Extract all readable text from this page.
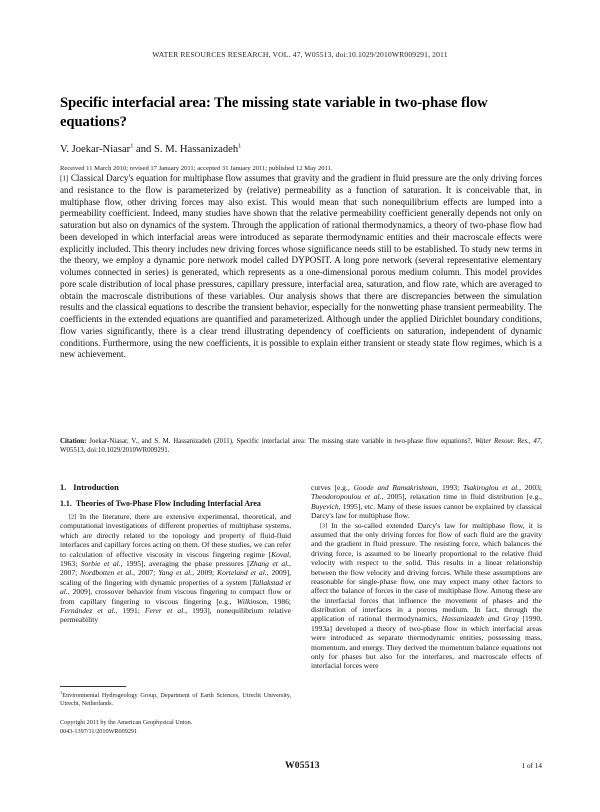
WATER RESOURCES RESEARCH, VOL. 47, W05513, doi:10.1029/2010WR009291, 2011
Specific interfacial area: The missing state variable in two-phase flow equations?
V. Joekar-Niasar$^1$ and S. M. Hassanizadeh$^1$
Received 11 March 2010; revised 17 January 2011; accepted 31 January 2011; published 12 May 2011.
[1] Classical Darcy's equation for multiphase flow assumes that gravity and the gradient in fluid pressure are the only driving forces and resistance to the flow is parameterized by (relative) permeability as a function of saturation. It is conceivable that, in multiphase flow, other driving forces may also exist. This would mean that such nonequilibrium effects are lumped into a permeability coefficient. Indeed, many studies have shown that the relative permeability coefficient generally depends not only on saturation but also on dynamics of the system. Through the application of rational thermodynamics, a theory of two-phase flow had been developed in which interfacial areas were introduced as separate thermodynamic entities and their macroscale effects were explicitly included. This theory includes new driving forces whose significance needs still to be established. To study new terms in the theory, we employ a dynamic pore network model called DYPOSIT. A long pore network (several representative elementary volumes connected in series) is generated, which represents as a one-dimensional porous medium column. This model provides pore scale distribution of local phase pressures, capillary pressure, interfacial area, saturation, and flow rate, which are averaged to obtain the macroscale distributions of these variables. Our analysis shows that there are discrepancies between the simulation results and the classical equations to describe the transient behavior, especially for the nonwetting phase transient permeability. The coefficients in the extended equations are quantified and parameterized. Although under the applied Dirichlet boundary conditions, flow varies significantly, there is a clear trend illustrating dependency of coefficients on saturation, independent of dynamic conditions. Furthermore, using the new coefficients, it is possible to explain either transient or steady state flow regimes, which is a new achievement.
Citation: Joekar-Niasar, V., and S. M. Hassanizadeh (2011), Specific interfacial area: The missing state variable in two-phase flow equations?, Water Resour. Res., 47, W05513, doi:10.1029/2010WR009291.
1. Introduction
1.1. Theories of Two-Phase Flow Including Interfacial Area

[2] In the literature, there are extensive experimental, theoretical, and computational investigations of different properties of multiphase systems, which are directly related to the topology and property of fluid-fluid interfaces and capillary forces acting on them. Of these studies, we can refer to calculation of effective viscosity in viscous fingering regime [Koval, 1963; Sorbie et al., 1995], averaging the phase pressures [Zhang et al., 2007; Nordbotten et al., 2007; Yang et al., 2009; Korteland et al., 2009], scaling of the fingering with dynamic properties of a system [Tallakstad et al., 2009], crossover behavior from viscous fingering to compact flow or from capillary fingering to viscous fingering [e.g., Wilkinson, 1986; Fernández et al., 1991; Ferer et al., 1993], nonequilibrium relative permeability

curves [e.g., Goode and Ramakrishnan, 1993; Tsakiroglou et al., 2003; Theodoropoulou et al., 2005], relaxation time in fluid distribution [e.g., Buyevich, 1995], etc. Many of these issues cannot be explained by classical Darcy's law for multiphase flow.

[3] In the so-called extended Darcy's law for multiphase flow, it is assumed that the only driving forces for flow of each fluid are the gravity and the gradient in fluid pressure. The resisting force, which balances the driving force, is assumed to be linearly proportional to the relative fluid velocity with respect to the solid. This results in a linear relationship between the flow velocity and driving forces. While these assumptions are reasonable for single-phase flow, one may expect many other factors to affect the balance of forces in the case of multiphase flow. Among these are the interfacial forces that influence the movement of phases and the distribution of interfaces in a porous medium. In fact, through the application of rational thermodynamics, Hassanizadeh and Gray [1990, 1993a] developed a theory of two-phase flow in which interfacial areas were introduced as separate thermodynamic entities, possessing mass, momentum, and energy. They derived the momentum balance equations not only for phases but also for the interfaces, and macroscale effects of interfacial forces were

$^1$Environmental Hydrogeology Group, Department of Earth Sciences, Utrecht University, Utrecht, Netherlands.

Copyright 2011 by the American Geophysical Union.
0043-1397/11/2010WR009291

W05513	1 of 14
